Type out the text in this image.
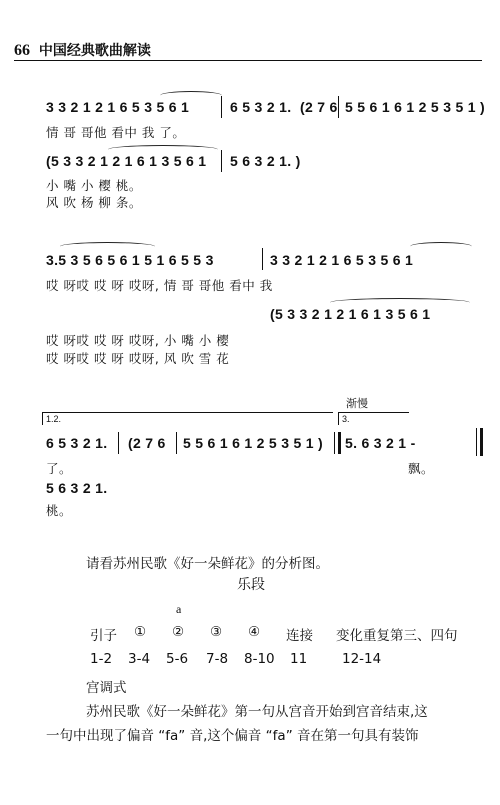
66 中国经典歌曲解读
3 3 2 1 2 1 6 5 3 5 6 1	6 5 3 2 1. (2 7 6 5 5 6 1 6 1 2 5 3 5 1 )
情 哥 哥他 看中 我 了。
(5 3 3 2 1 2 1 6 1 3 5 6 1 5 6 3 2 1. )
小 嘴 小 樱 桃。
风 吹 杨 柳 条。
3.5 3 5 6 5 6 1 5 1 6 5 5 3	3 3 2 1 2 1 6 5 3 5 6 1
哎 呀哎 哎 呀 哎呀, 情 哥 哥他 看中 我
(5 3 3 2 1 2 1 6 1 3 5 6 1
哎 呀哎 哎 呀 哎呀, 小 嘴 小 樱
哎 呀哎 哎 呀 哎呀, 风 吹 雪 花
渐慢
1.2.	3.
6 5 3 2 1. (2 7 6 5 5 6 1 6 1 2 5 3 5 1 ) 5. 6 3 2 1 -
了。	飘。
5 6 3 2 1.
桃。
请看苏州民歌《好一朵鲜花》的分析图。
乐段
a
引子 ① ② ③ ④ 连接 变化重复第三、四句
1-2 3-4 5-6 7-8 8-10 11	12-14
宫调式
苏州民歌《好一朵鲜花》第一句从宫音开始到宫音结束,这
一句中出现了偏音 “fa” 音,这个偏音 “fa” 音在第一句具有装饰
